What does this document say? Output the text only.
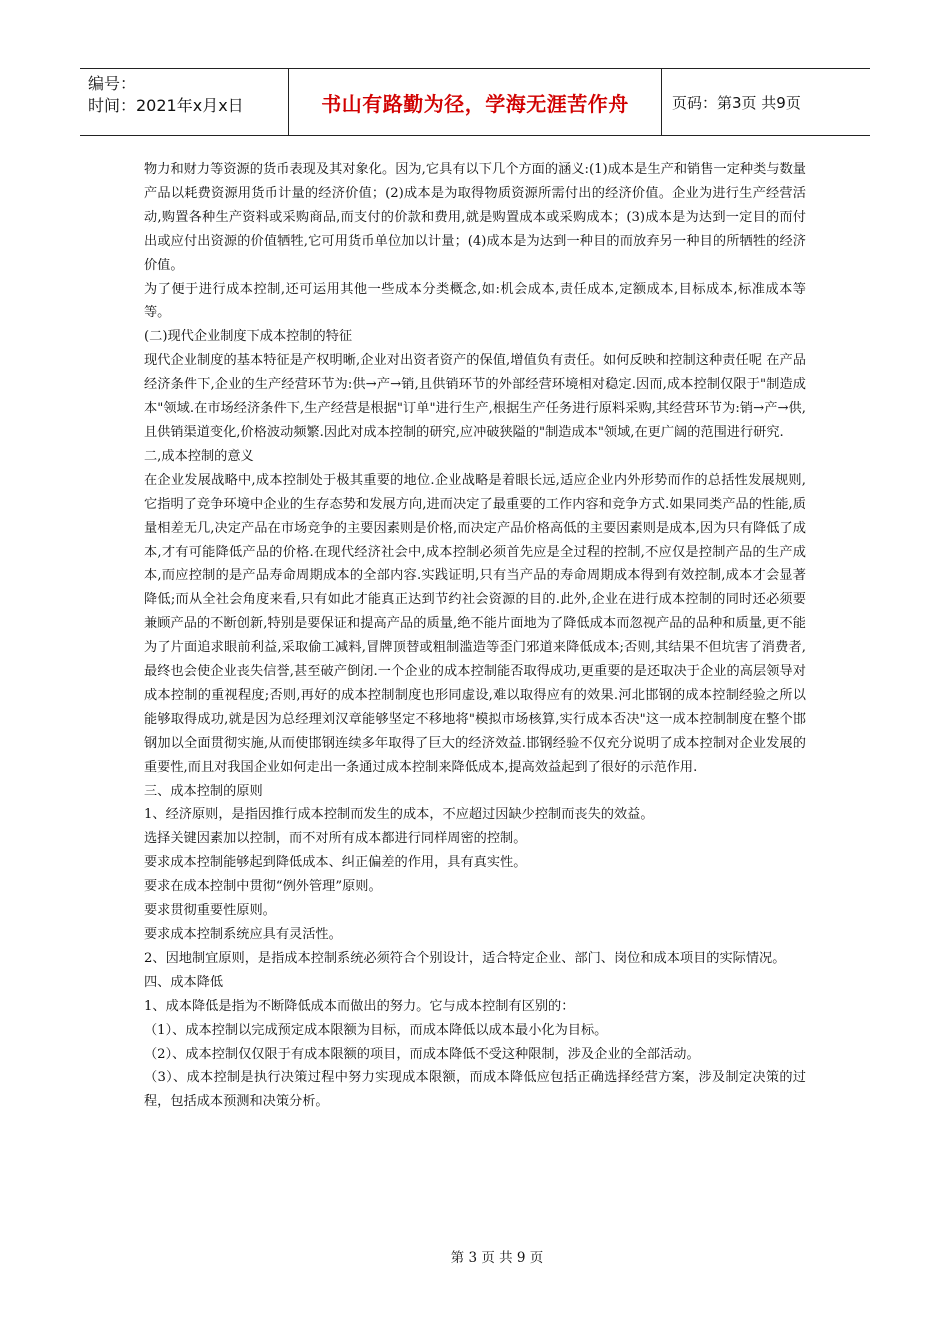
编号：
时间：2021年x月x日	书山有路勤为径，学海无涯苦作舟	页码：第3页 共9页

物力和财力等资源的货币表现及其对象化。因为,它具有以下几个方面的涵义:(1)成本是生产和销售一定种类与数量产品以耗费资源用货币计量的经济价值；(2)成本是为取得物质资源所需付出的经济价值。企业为进行生产经营活动,购置各种生产资料或采购商品,而支付的价款和费用,就是购置成本或采购成本；(3)成本是为达到一定目的而付出或应付出资源的价值牺牲,它可用货币单位加以计量；(4)成本是为达到一种目的而放弃另一种目的所牺牲的经济价值。

为了便于进行成本控制,还可运用其他一些成本分类概念,如:机会成本,责任成本,定额成本,目标成本,标准成本等等。

(二)现代企业制度下成本控制的特征

现代企业制度的基本特征是产权明晰,企业对出资者资产的保值,增值负有责任。如何反映和控制这种责任呢 在产品经济条件下,企业的生产经营环节为:供→产→销,且供销环节的外部经营环境相对稳定.因而,成本控制仅限于"制造成本"领域.在市场经济条件下,生产经营是根据"订单"进行生产,根据生产任务进行原料采购,其经营环节为:销→产→供,且供销渠道变化,价格波动频繁.因此对成本控制的研究,应冲破狭隘的"制造成本"领域,在更广阔的范围进行研究.

二,成本控制的意义

在企业发展战略中,成本控制处于极其重要的地位.企业战略是着眼长远,适应企业内外形势而作的总括性发展规则,它指明了竞争环境中企业的生存态势和发展方向,进而决定了最重要的工作内容和竞争方式.如果同类产品的性能,质量相差无几,决定产品在市场竞争的主要因素则是价格,而决定产品价格高低的主要因素则是成本,因为只有降低了成本,才有可能降低产品的价格.在现代经济社会中,成本控制必须首先应是全过程的控制,不应仅是控制产品的生产成本,而应控制的是产品寿命周期成本的全部内容.实践证明,只有当产品的寿命周期成本得到有效控制,成本才会显著降低;而从全社会角度来看,只有如此才能真正达到节约社会资源的目的.此外,企业在进行成本控制的同时还必须要兼顾产品的不断创新,特别是要保证和提高产品的质量,绝不能片面地为了降低成本而忽视产品的品种和质量,更不能为了片面追求眼前利益,采取偷工减料,冒牌顶替或粗制滥造等歪门邪道来降低成本;否则,其结果不但坑害了消费者,最终也会使企业丧失信誉,甚至破产倒闭.一个企业的成本控制能否取得成功,更重要的是还取决于企业的高层领导对成本控制的重视程度;否则,再好的成本控制制度也形同虚设,难以取得应有的效果.河北邯钢的成本控制经验之所以能够取得成功,就是因为总经理刘汉章能够坚定不移地将"模拟市场核算,实行成本否决"这一成本控制制度在整个邯钢加以全面贯彻实施,从而使邯钢连续多年取得了巨大的经济效益.邯钢经验不仅充分说明了成本控制对企业发展的重要性,而且对我国企业如何走出一条通过成本控制来降低成本,提高效益起到了很好的示范作用.

三、成本控制的原则

1、经济原则，是指因推行成本控制而发生的成本，不应超过因缺少控制而丧失的效益。

选择关键因素加以控制，而不对所有成本都进行同样周密的控制。

要求成本控制能够起到降低成本、纠正偏差的作用，具有真实性。

要求在成本控制中贯彻“例外管理”原则。

要求贯彻重要性原则。

要求成本控制系统应具有灵活性。

2、因地制宜原则，是指成本控制系统必须符合个别设计，适合特定企业、部门、岗位和成本项目的实际情况。

四、成本降低

1、成本降低是指为不断降低成本而做出的努力。它与成本控制有区别的：

（1）、成本控制以完成预定成本限额为目标，而成本降低以成本最小化为目标。

（2）、成本控制仅仅限于有成本限额的项目，而成本降低不受这种限制，涉及企业的全部活动。

（3）、成本控制是执行决策过程中努力实现成本限额，而成本降低应包括正确选择经营方案，涉及制定决策的过程，包括成本预测和决策分析。

第 3 页 共 9 页
